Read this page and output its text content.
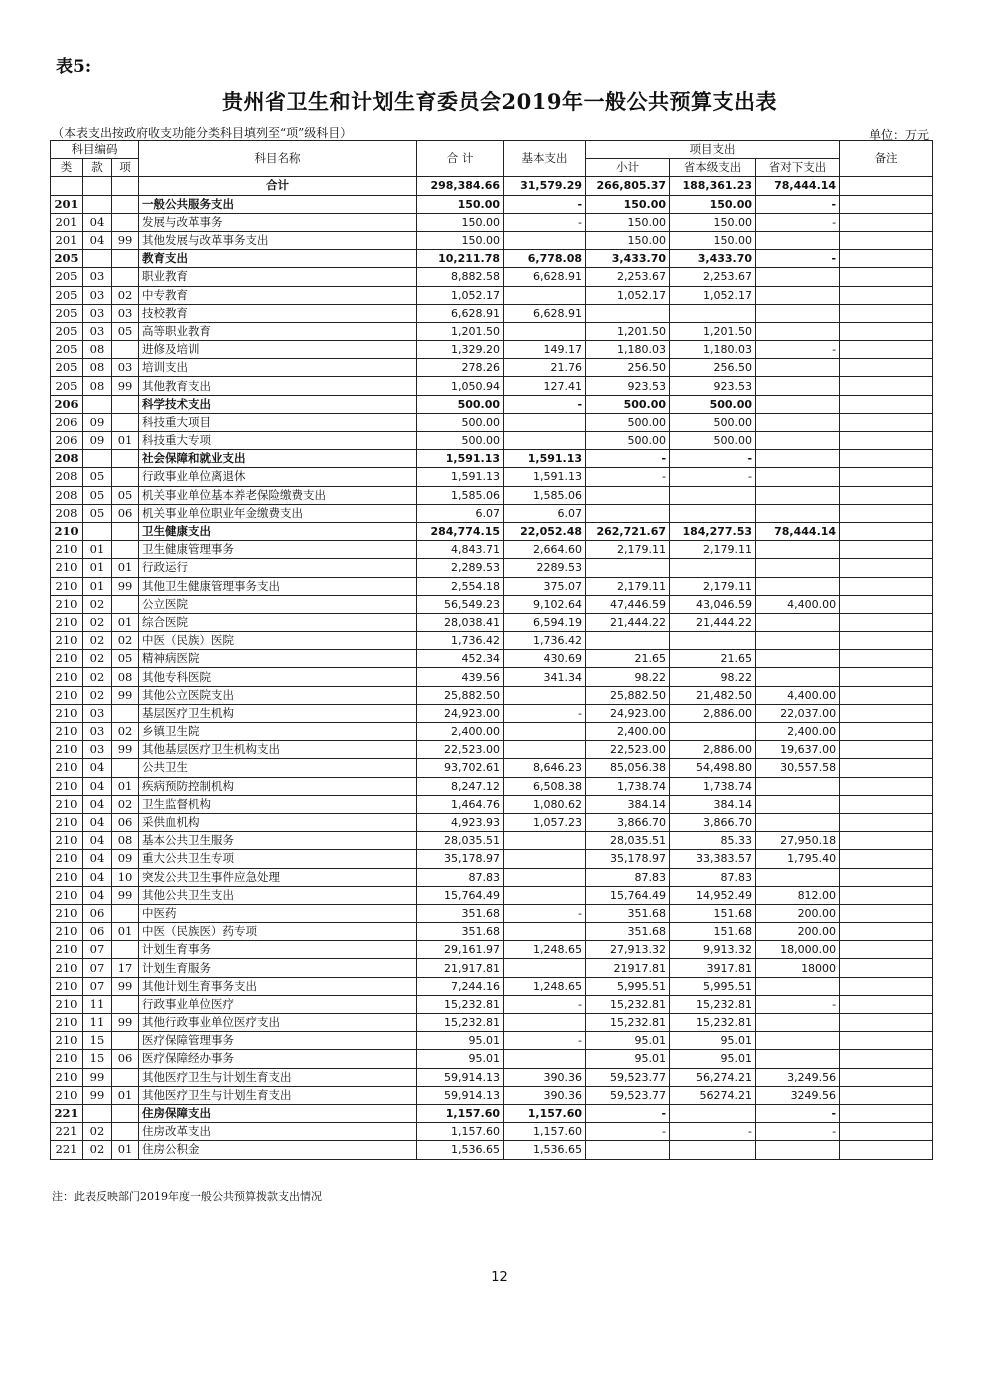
表5:
贵州省卫生和计划生育委员会2019年一般公共预算支出表
（本表支出按政府收支功能分类科目填列至“项”级科目）	单位：万元
科目编码			科目名称	合 计	基本支出	项目支出			备注
类	款	项				小计	省本级支出	省对下支出	
			合计	298,384.66	31,579.29	266,805.37	188,361.23	78,444.14	
201			一般公共服务支出	150.00	-	150.00	150.00	-	
201	04		发展与改革事务	150.00	-	150.00	150.00	-	
201	04	99	其他发展与改革事务支出	150.00		150.00	150.00		
205			教育支出	10,211.78	6,778.08	3,433.70	3,433.70	-	
205	03		职业教育	8,882.58	6,628.91	2,253.67	2,253.67		
205	03	02	中专教育	1,052.17		1,052.17	1,052.17		
205	03	03	技校教育	6,628.91	6,628.91				
205	03	05	高等职业教育	1,201.50		1,201.50	1,201.50		
205	08		进修及培训	1,329.20	149.17	1,180.03	1,180.03	-	
205	08	03	培训支出	278.26	21.76	256.50	256.50		
205	08	99	其他教育支出	1,050.94	127.41	923.53	923.53		
206			科学技术支出	500.00	-	500.00	500.00		
206	09		科技重大项目	500.00		500.00	500.00		
206	09	01	科技重大专项	500.00		500.00	500.00		
208			社会保障和就业支出	1,591.13	1,591.13	-	-		
208	05		行政事业单位离退休	1,591.13	1,591.13	-	-		
208	05	05	机关事业单位基本养老保险缴费支出	1,585.06	1,585.06				
208	05	06	机关事业单位职业年金缴费支出	6.07	6.07				
210			卫生健康支出	284,774.15	22,052.48	262,721.67	184,277.53	78,444.14	
210	01		卫生健康管理事务	4,843.71	2,664.60	2,179.11	2,179.11		
210	01	01	行政运行	2,289.53	2289.53				
210	01	99	其他卫生健康管理事务支出	2,554.18	375.07	2,179.11	2,179.11		
210	02		公立医院	56,549.23	9,102.64	47,446.59	43,046.59	4,400.00	
210	02	01	综合医院	28,038.41	6,594.19	21,444.22	21,444.22		
210	02	02	中医（民族）医院	1,736.42	1,736.42				
210	02	05	精神病医院	452.34	430.69	21.65	21.65		
210	02	08	其他专科医院	439.56	341.34	98.22	98.22		
210	02	99	其他公立医院支出	25,882.50		25,882.50	21,482.50	4,400.00	
210	03		基层医疗卫生机构	24,923.00	-	24,923.00	2,886.00	22,037.00	
210	03	02	乡镇卫生院	2,400.00		2,400.00		2,400.00	
210	03	99	其他基层医疗卫生机构支出	22,523.00		22,523.00	2,886.00	19,637.00	
210	04		公共卫生	93,702.61	8,646.23	85,056.38	54,498.80	30,557.58	
210	04	01	疾病预防控制机构	8,247.12	6,508.38	1,738.74	1,738.74		
210	04	02	卫生监督机构	1,464.76	1,080.62	384.14	384.14		
210	04	06	采供血机构	4,923.93	1,057.23	3,866.70	3,866.70		
210	04	08	基本公共卫生服务	28,035.51		28,035.51	85.33	27,950.18	
210	04	09	重大公共卫生专项	35,178.97		35,178.97	33,383.57	1,795.40	
210	04	10	突发公共卫生事件应急处理	87.83		87.83	87.83		
210	04	99	其他公共卫生支出	15,764.49		15,764.49	14,952.49	812.00	
210	06		中医药	351.68	-	351.68	151.68	200.00	
210	06	01	中医（民族医）药专项	351.68		351.68	151.68	200.00	
210	07		计划生育事务	29,161.97	1,248.65	27,913.32	9,913.32	18,000.00	
210	07	17	计划生育服务	21,917.81		21917.81	3917.81	18000	
210	07	99	其他计划生育事务支出	7,244.16	1,248.65	5,995.51	5,995.51		
210	11		行政事业单位医疗	15,232.81	-	15,232.81	15,232.81	-	
210	11	99	其他行政事业单位医疗支出	15,232.81		15,232.81	15,232.81		
210	15		医疗保障管理事务	95.01	-	95.01	95.01		
210	15	06	医疗保障经办事务	95.01		95.01	95.01		
210	99		其他医疗卫生与计划生育支出	59,914.13	390.36	59,523.77	56,274.21	3,249.56	
210	99	01	其他医疗卫生与计划生育支出	59,914.13	390.36	59,523.77	56274.21	3249.56	
221			住房保障支出	1,157.60	1,157.60	-		-	
221	02		住房改革支出	1,157.60	1,157.60	-	-	-	
221	02	01	住房公积金	1,536.65	1,536.65				
注：此表反映部门2019年度一般公共预算拨款支出情况
12
